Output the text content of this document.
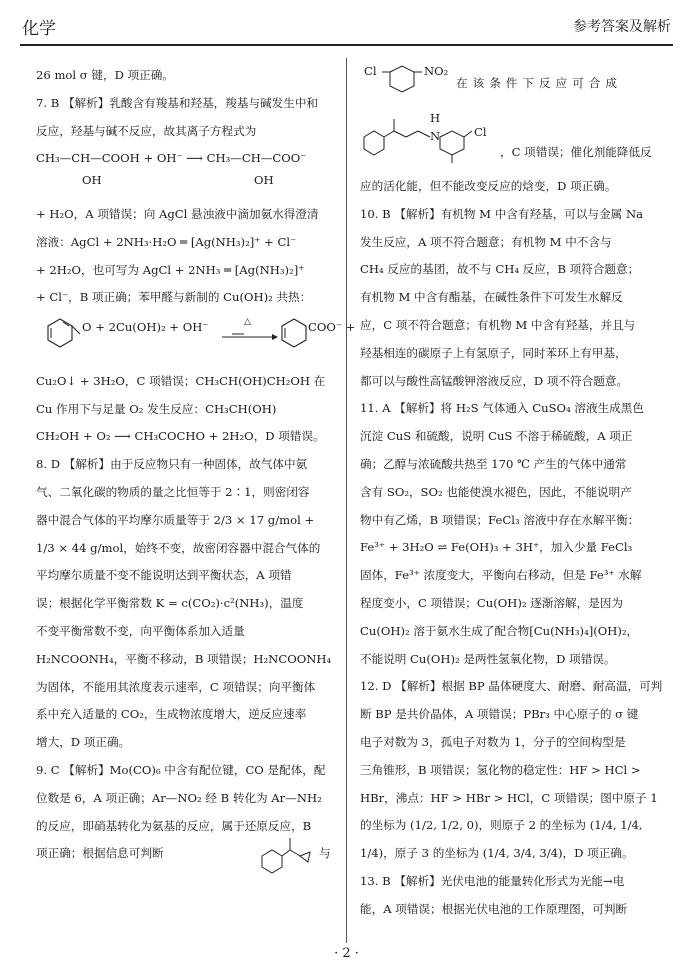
化学	参考答案及解析
26 mol σ 键，D 项正确。
7. B 【解析】乳酸含有羧基和羟基，羧基与碱发生中和
反应，羟基与碱不反应，故其离子方程式为
CH₃—CH—COOH + OH⁻ ⟶ CH₃—CH—COO⁻
OH	OH
+ H₂O，A 项错误；向 AgCl 悬浊液中滴加氨水得澄清
溶液：AgCl + 2NH₃·H₂O ═ [Ag(NH₃)₂]⁺ + Cl⁻
+ 2H₂O，也可写为 AgCl + 2NH₃ ═ [Ag(NH₃)₂]⁺
+ Cl⁻，B 项正确；苯甲醛与新制的 Cu(OH)₂ 共热：
O + 2Cu(OH)₂ + OH⁻	△	COO⁻ +
Cu₂O↓ + 3H₂O，C 项错误；CH₃CH(OH)CH₂OH 在
Cu 作用下与足量 O₂ 发生反应：CH₃CH(OH)
CH₂OH + O₂ ⟶ CH₃COCHO + 2H₂O，D 项错误。
8. D 【解析】由于反应物只有一种固体，故气体中氨
气、二氧化碳的物质的量之比恒等于 2∶1，则密闭容
器中混合气体的平均摩尔质量等于 2/3 × 17 g/mol +
1/3 × 44 g/mol，始终不变，故密闭容器中混合气体的
平均摩尔质量不变不能说明达到平衡状态，A 项错
误；根据化学平衡常数 K = c(CO₂)·c²(NH₃)，温度
不变平衡常数不变，向平衡体系加入适量
H₂NCOONH₄，平衡不移动，B 项错误；H₂NCOONH₄
为固体，不能用其浓度表示速率，C 项错误；向平衡体
系中充入适量的 CO₂，生成物浓度增大，逆反应速率
增大，D 项正确。
9. C 【解析】Mo(CO)₆ 中含有配位键，CO 是配体，配
位数是 6，A 项正确；Ar—NO₂ 经 B 转化为 Ar—NH₂
的反应，即硝基转化为氨基的反应，属于还原反应，B
项正确；根据信息可判断	与
Cl	NO₂
在该条件下反应可合成
H
N	Cl
，C 项错误；催化剂能降低反
应的活化能，但不能改变反应的焓变，D 项正确。
10. B 【解析】有机物 M 中含有羟基，可以与金属 Na
发生反应，A 项不符合题意；有机物 M 中不含与
CH₄ 反应的基团，故不与 CH₄ 反应，B 项符合题意；
有机物 M 中含有酯基，在碱性条件下可发生水解反
应，C 项不符合题意；有机物 M 中含有羟基，并且与
羟基相连的碳原子上有氢原子，同时苯环上有甲基，
都可以与酸性高锰酸钾溶液反应，D 项不符合题意。
11. A 【解析】将 H₂S 气体通入 CuSO₄ 溶液生成黑色
沉淀 CuS 和硫酸，说明 CuS 不溶于稀硫酸，A 项正
确；乙醇与浓硫酸共热至 170 ℃ 产生的气体中通常
含有 SO₂，SO₂ 也能使溴水褪色，因此，不能说明产
物中有乙烯，B 项错误；FeCl₃ 溶液中存在水解平衡：
Fe³⁺ + 3H₂O ⇌ Fe(OH)₃ + 3H⁺，加入少量 FeCl₃
固体，Fe³⁺ 浓度变大，平衡向右移动，但是 Fe³⁺ 水解
程度变小，C 项错误；Cu(OH)₂ 逐渐溶解，是因为
Cu(OH)₂ 溶于氨水生成了配合物[Cu(NH₃)₄](OH)₂，
不能说明 Cu(OH)₂ 是两性氢氧化物，D 项错误。
12. D 【解析】根据 BP 晶体硬度大、耐磨、耐高温，可判
断 BP 是共价晶体，A 项错误；PBr₃ 中心原子的 σ 键
电子对数为 3，孤电子对数为 1，分子的空间构型是
三角锥形，B 项错误；氢化物的稳定性：HF > HCl >
HBr，沸点：HF > HBr > HCl，C 项错误；图中原子 1
的坐标为 (1/2, 1/2, 0)，则原子 2 的坐标为 (1/4, 1/4,
1/4)，原子 3 的坐标为 (1/4, 3/4, 3/4)，D 项正确。
13. B 【解析】光伏电池的能量转化形式为光能→电
能，A 项错误；根据光伏电池的工作原理图，可判断
· 2 ·
